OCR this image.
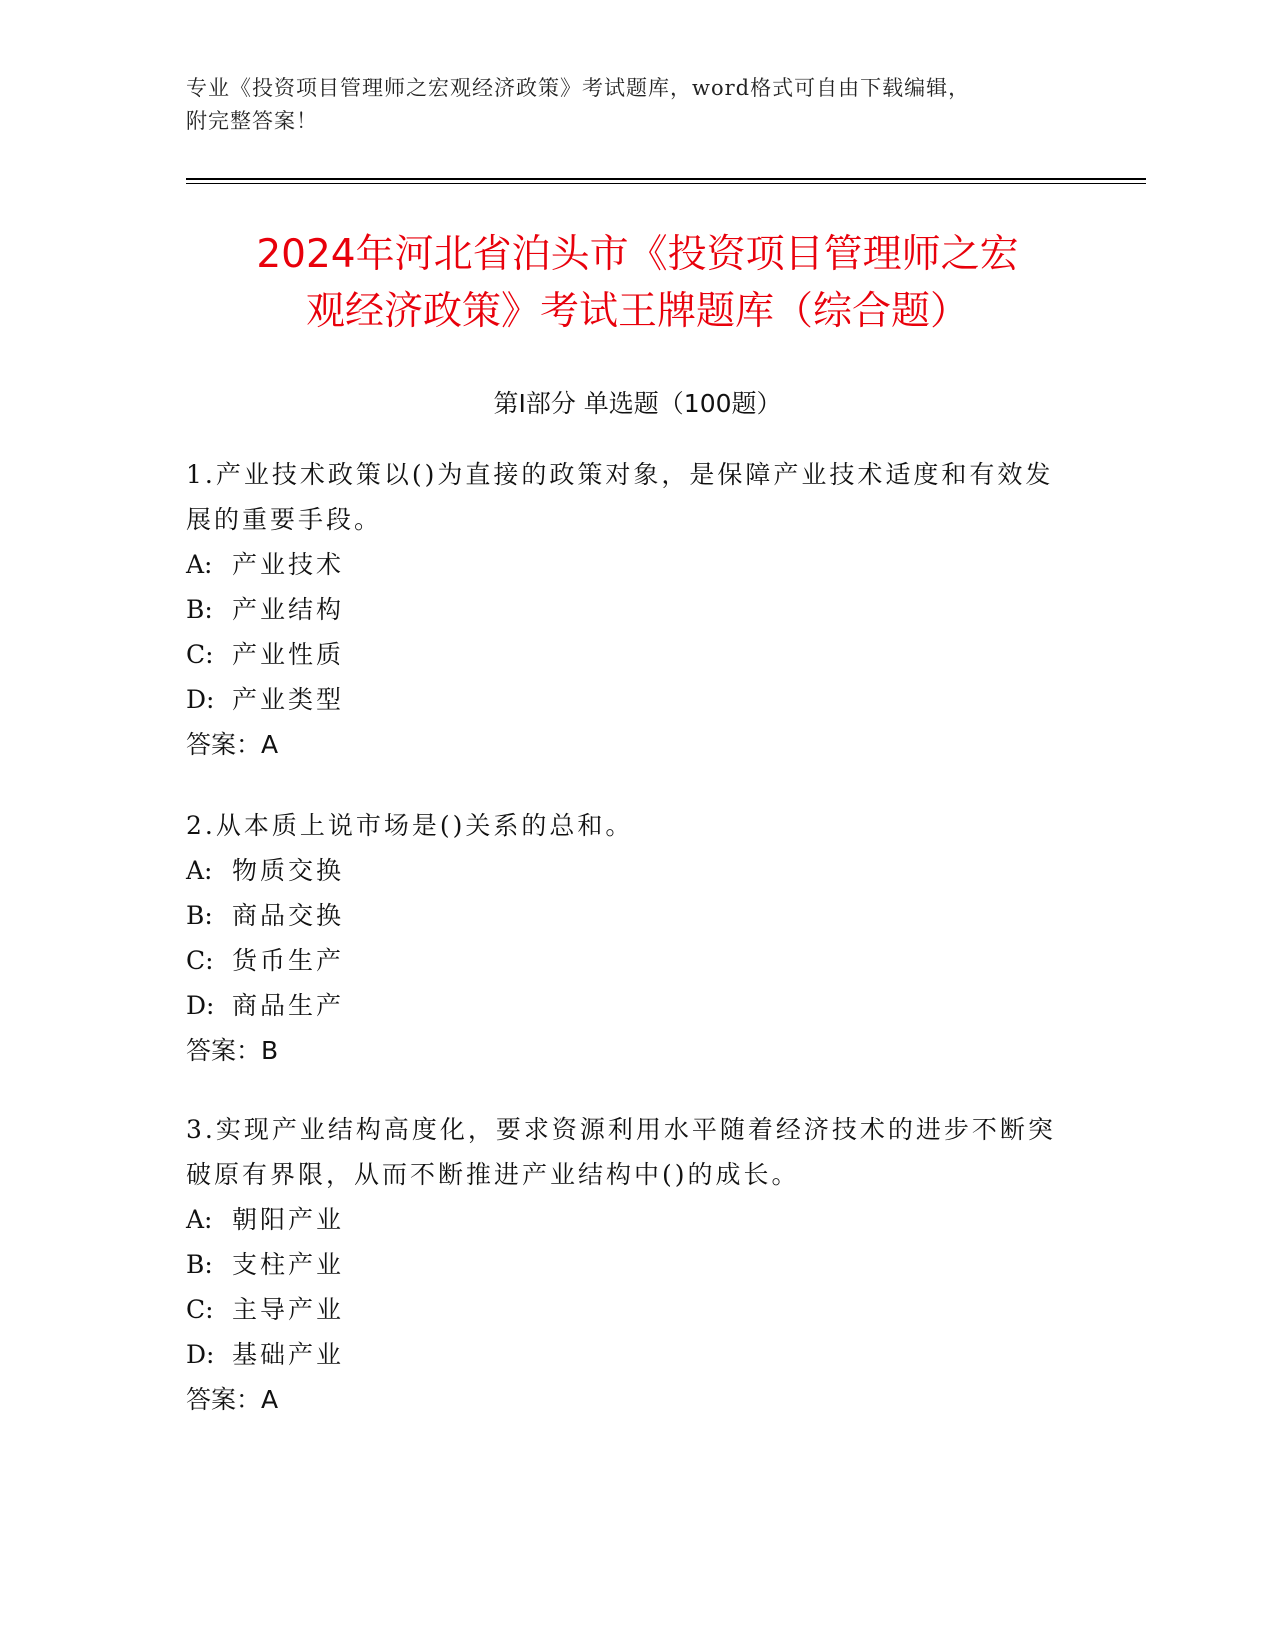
专业《投资项目管理师之宏观经济政策》考试题库，word格式可自由下载编辑，
附完整答案！
2024年河北省泊头市《投资项目管理师之宏
观经济政策》考试王牌题库（综合题）
第Ⅰ部分 单选题（100题）
1.产业技术政策以()为直接的政策对象，是保障产业技术适度和有效发展的重要手段。
A: 产业技术
B: 产业结构
C: 产业性质
D: 产业类型
答案：A
2.从本质上说市场是()关系的总和。
A: 物质交换
B: 商品交换
C: 货币生产
D: 商品生产
答案：B
3.实现产业结构高度化，要求资源利用水平随着经济技术的进步不断突破原有界限，从而不断推进产业结构中()的成长。
A: 朝阳产业
B: 支柱产业
C: 主导产业
D: 基础产业
答案：A
